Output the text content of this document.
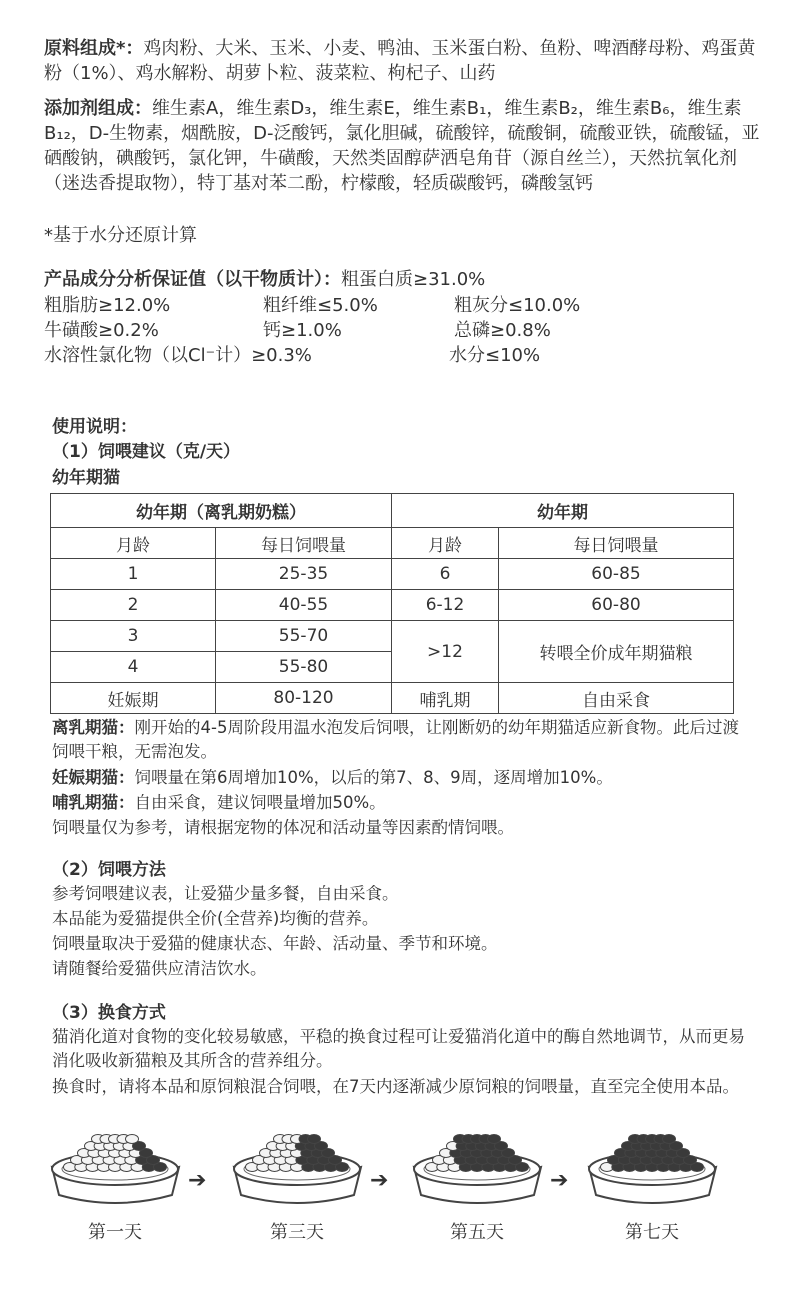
原料组成*：鸡肉粉、大米、玉米、小麦、鸭油、玉米蛋白粉、鱼粉、啤酒酵母粉、鸡蛋黄粉（1%）、鸡水解粉、胡萝卜粒、菠菜粒、枸杞子、山药

添加剂组成：维生素A，维生素D₃，维生素E，维生素B₁，维生素B₂，维生素B₆，维生素B₁₂，D-生物素，烟酰胺，D-泛酸钙，氯化胆碱，硫酸锌，硫酸铜，硫酸亚铁，硫酸锰，亚硒酸钠，碘酸钙，氯化钾，牛磺酸，天然类固醇萨洒皂角苷（源自丝兰），天然抗氧化剂（迷迭香提取物），特丁基对苯二酚，柠檬酸，轻质碳酸钙，磷酸氢钙

*基于水分还原计算

产品成分分析保证值（以干物质计）：粗蛋白质≥31.0%
粗脂肪≥12.0%	粗纤维≤5.0%	粗灰分≤10.0%
牛磺酸≥0.2%	钙≥1.0%	总磷≥0.8%
水溶性氯化物（以Cl⁻计）≥0.3%	水分≤10%
使用说明：
（1）饲喂建议（克/天）
幼年期猫
幼年期（离乳期奶糕）		幼年期	
月龄	每日饲喂量	月龄	每日饲喂量
1	25-35	6	60-85
2	40-55	6-12	60-80
3	55-70	>12	转喂全价成年期猫粮
4	55-80		
妊娠期	80-120	哺乳期	自由采食

离乳期猫：刚开始的4-5周阶段用温水泡发后饲喂，让刚断奶的幼年期猫适应新食物。此后过渡饲喂干粮，无需泡发。

妊娠期猫：饲喂量在第6周增加10%，以后的第7、8、9周，逐周增加10%。

哺乳期猫：自由采食，建议饲喂量增加50%。

饲喂量仅为参考，请根据宠物的体况和活动量等因素酌情饲喂。

（2）饲喂方法

参考饲喂建议表，让爱猫少量多餐，自由采食。

本品能为爱猫提供全价(全营养)均衡的营养。

饲喂量取决于爱猫的健康状态、年龄、活动量、季节和环境。

请随餐给爱猫供应清洁饮水。

（3）换食方式

猫消化道对食物的变化较易敏感，平稳的换食过程可让爱猫消化道中的酶自然地调节，从而更易消化吸收新猫粮及其所含的营养组分。

换食时，请将本品和原饲粮混合饲喂，在7天内逐渐减少原饲粮的饲喂量，直至完全使用本品。

第一天
➔
第三天
➔
第五天
➔
第七天
